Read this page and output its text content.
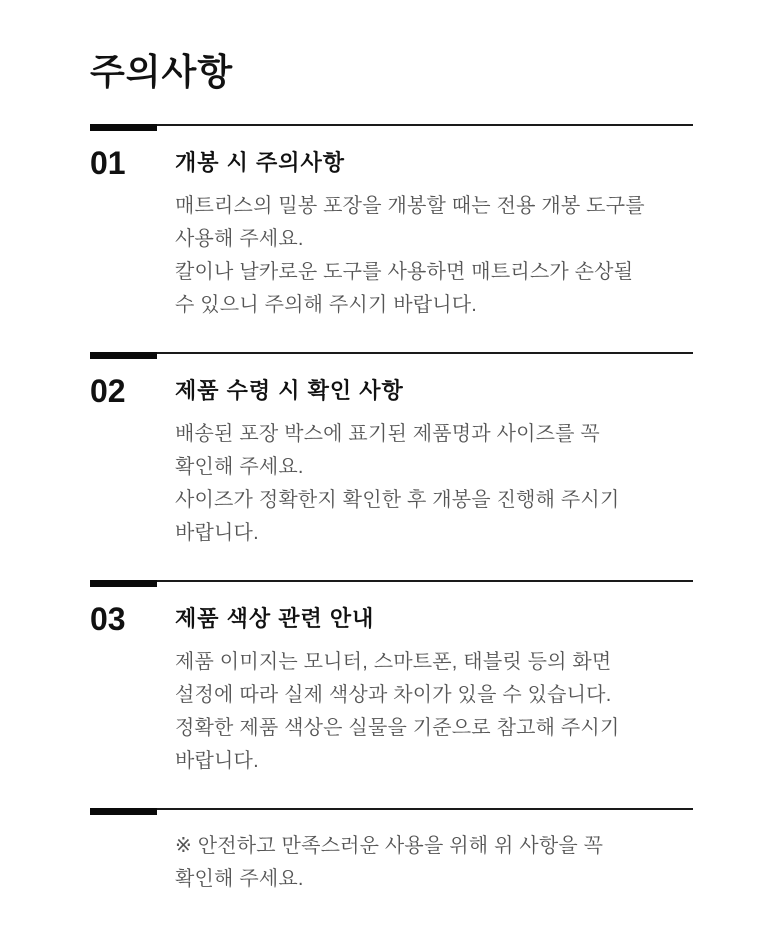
주의사항
01	개봉 시 주의사항

매트리스의 밀봉 포장을 개봉할 때는 전용 개봉 도구를

사용해 주세요.

칼이나 날카로운 도구를 사용하면 매트리스가 손상될

수 있으니 주의해 주시기 바랍니다.

02	제품 수령 시 확인 사항

배송된 포장 박스에 표기된 제품명과 사이즈를 꼭

확인해 주세요.

사이즈가 정확한지 확인한 후 개봉을 진행해 주시기

바랍니다.

03	제품 색상 관련 안내

제품 이미지는 모니터, 스마트폰, 태블릿 등의 화면

설정에 따라 실제 색상과 차이가 있을 수 있습니다.

정확한 제품 색상은 실물을 기준으로 참고해 주시기

바랍니다.

※ 안전하고 만족스러운 사용을 위해 위 사항을 꼭

확인해 주세요.
